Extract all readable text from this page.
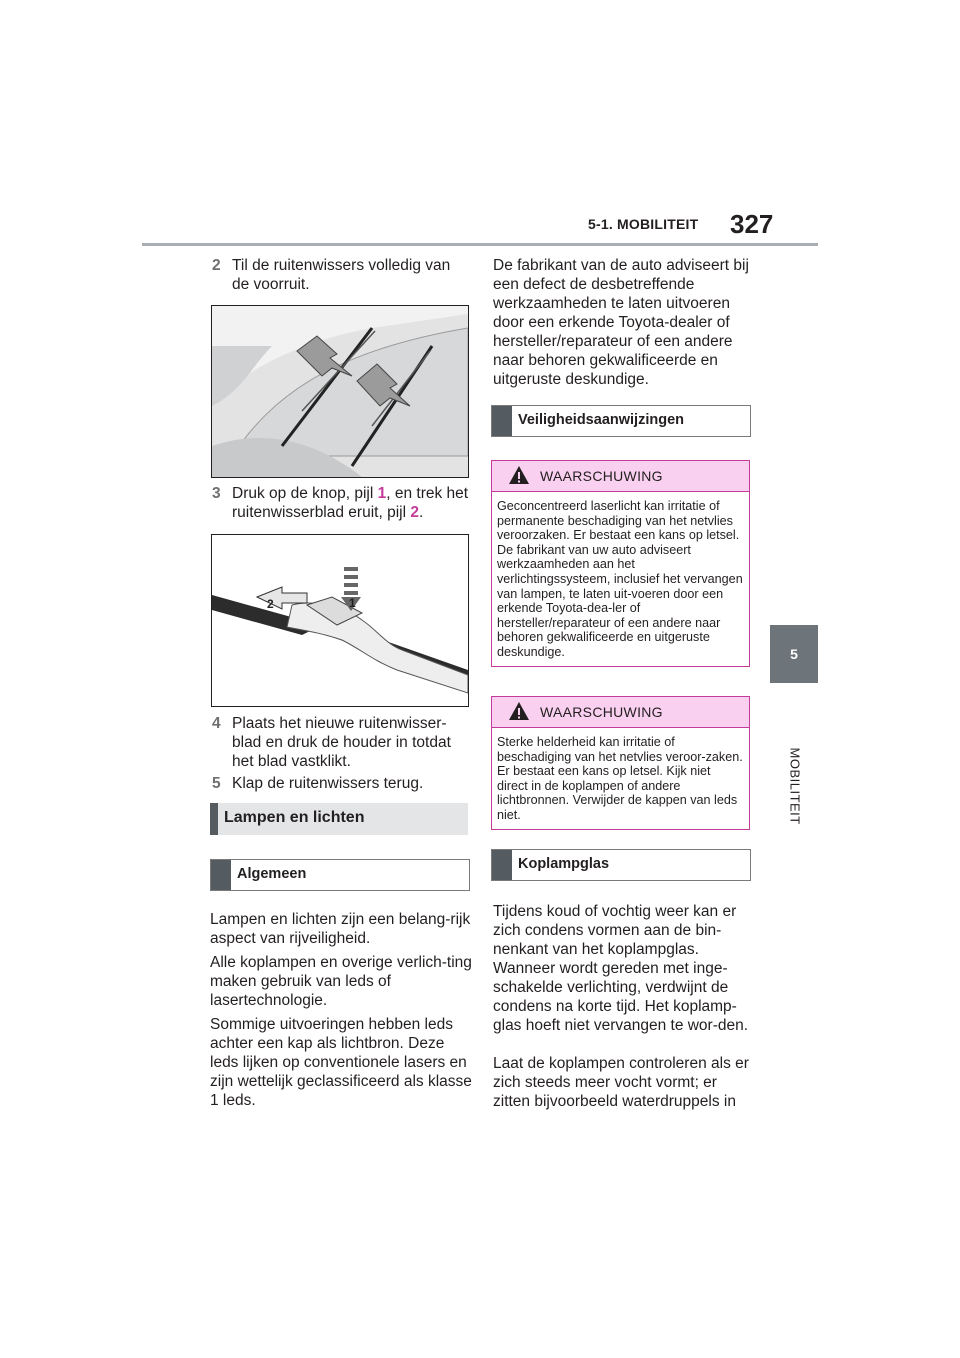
5-1. MOBILITEIT 327
5
MOBILITEIT
2 Til de ruitenwissers volledig van de voorruit.
3 Druk op de knop, pijl 1, en trek het ruitenwisserblad eruit, pijl 2.
2	1
4 Plaats het nieuwe ruitenwisser-blad en druk de houder in totdat het blad vastklikt.
5 Klap de ruitenwissers terug.
Lampen en lichten
Algemeen
Lampen en lichten zijn een belang-rijk aspect van rijveiligheid.
Alle koplampen en overige verlich-ting maken gebruik van leds of lasertechnologie.
Sommige uitvoeringen hebben leds achter een kap als lichtbron. Deze leds lijken op conventionele lasers en zijn wettelijk geclassificeerd als klasse 1 leds.
De fabrikant van de auto adviseert bij een defect de desbetreffende werkzaamheden te laten uitvoeren door een erkende Toyota-dealer of hersteller/reparateur of een andere naar behoren gekwalificeerde en uitgeruste deskundige.
Veiligheidsaanwijzingen
WAARSCHUWING
Geconcentreerd laserlicht kan irritatie of permanente beschadiging van het netvlies veroorzaken. Er bestaat een kans op letsel. De fabrikant van uw auto adviseert werkzaamheden aan het verlichtingssysteem, inclusief het vervangen van lampen, te laten uit-voeren door een erkende Toyota-dea-ler of hersteller/reparateur of een andere naar behoren gekwalificeerde en uitgeruste deskundige.
WAARSCHUWING
Sterke helderheid kan irritatie of beschadiging van het netvlies veroor-zaken. Er bestaat een kans op letsel. Kijk niet direct in de koplampen of andere lichtbronnen. Verwijder de kappen van leds niet.
Koplampglas
Tijdens koud of vochtig weer kan er zich condens vormen aan de bin-nenkant van het koplampglas. Wanneer wordt gereden met inge-schakelde verlichting, verdwijnt de condens na korte tijd. Het koplamp-glas hoeft niet vervangen te wor-den.
Laat de koplampen controleren als er zich steeds meer vocht vormt; er zitten bijvoorbeeld waterdruppels in
